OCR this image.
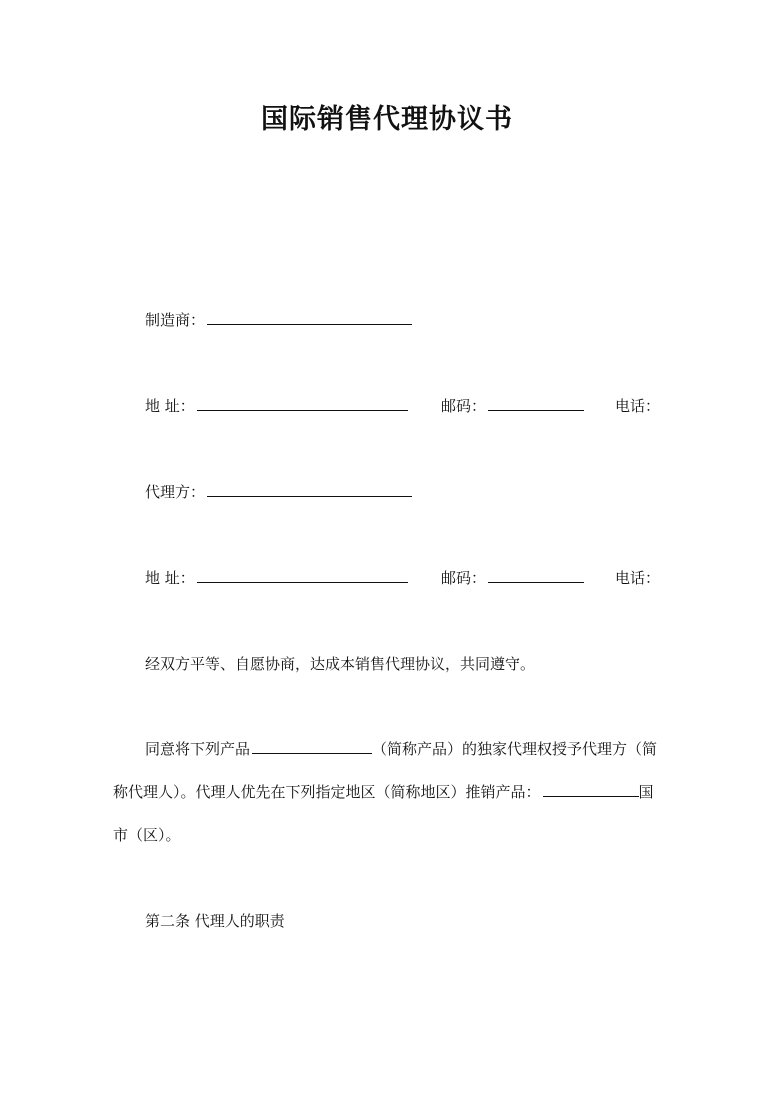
国际销售代理协议书
制造商：
地 址：	邮码：	电话：
代理方：
地 址：	邮码：	电话：
经双方平等、自愿协商，达成本销售代理协议，共同遵守。
同意将下列产品	（简称产品）的独家代理权授予代理方（简
称代理人）。代理人优先在下列指定地区（简称地区）推销产品：	国
市（区）。
第二条 代理人的职责
